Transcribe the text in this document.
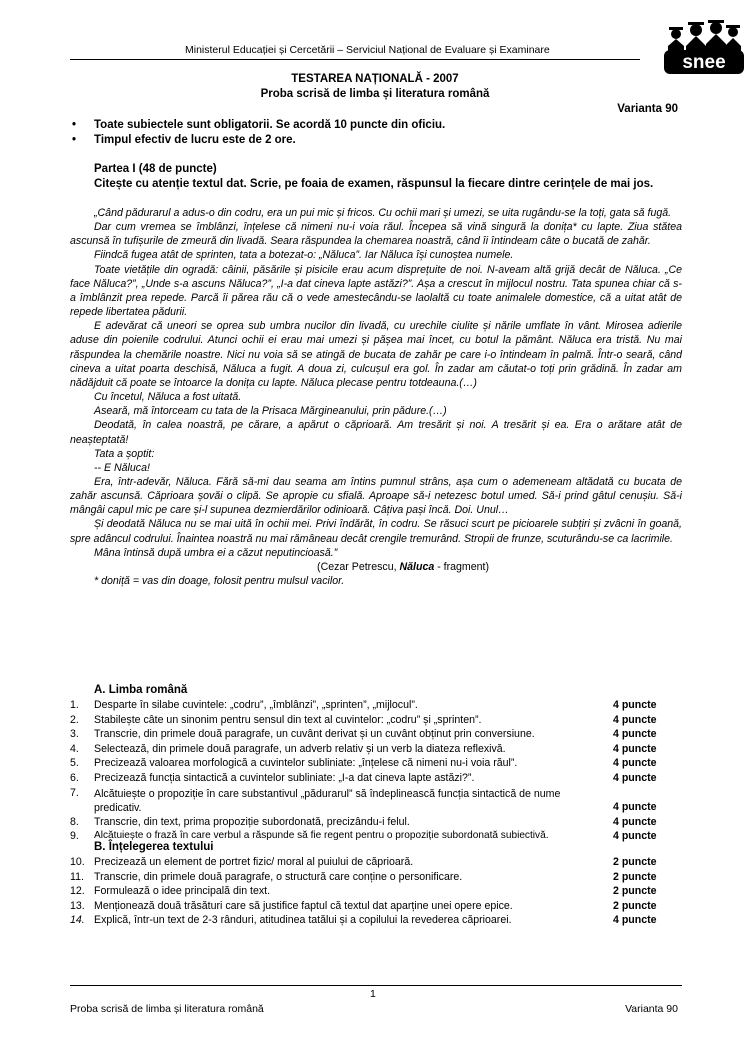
Ministerul Educației și Cercetării – Serviciul Național de Evaluare și Examinare
snee
TESTAREA NAȚIONALĂ - 2007
Proba scrisă de limba și literatura română
Varianta 90
• Toate subiectele sunt obligatorii. Se acordă 10 puncte din oficiu.
• Timpul efectiv de lucru este de 2 ore.
Partea I (48 de puncte)
Citește cu atenție textul dat. Scrie, pe foaia de examen, răspunsul la fiecare dintre cerințele de mai jos.

„Când pădurarul a adus-o din codru, era un pui mic și fricos. Cu ochii mari și umezi, se uita rugându-se la toți, gata să fugă.

Dar cum vremea se îmblânzi, înțelese că nimeni nu-i voia răul. Începea să vină singură la donița* cu lapte. Ziua stătea ascunsă în tufișurile de zmeură din livadă. Seara răspundea la chemarea noastră, când îi întindeam câte o bucată de zahăr.

Fiindcă fugea atât de sprinten, tata a botezat-o: „Năluca”. Iar Năluca își cunoștea numele.

Toate vietățile din ogradă: câinii, păsările și pisicile erau acum disprețuite de noi. N-aveam altă grijă decât de Năluca. „Ce face Năluca?”, „Unde s-a ascuns Năluca?”, „I-a dat cineva lapte astăzi?”. Așa a crescut în mijlocul nostru. Tata spunea chiar că s-a îmblânzit prea repede. Parcă îi părea rău că o vede amestecându-se laolaltă cu toate animalele domestice, că a uitat atât de repede libertatea pădurii.

E adevărat că uneori se oprea sub umbra nucilor din livadă, cu urechile ciulite și nările umflate în vânt. Mirosea adierile aduse din poienile codrului. Atunci ochii ei erau mai umezi și pășea mai încet, cu botul la pământ. Năluca era tristă. Nu mai răspundea la chemările noastre. Nici nu voia să se atingă de bucata de zahăr pe care i-o întindeam în palmă. Într-o seară, când cineva a uitat poarta deschisă, Năluca a fugit. A doua zi, culcușul era gol. În zadar am căutat-o toți prin grădină. În zadar am nădăjduit că poate se întoarce la donița cu lapte. Năluca plecase pentru totdeauna.(…)

Cu încetul, Năluca a fost uitată.

Aseară, mă întorceam cu tata de la Prisaca Mărgineanului, prin pădure.(…)

Deodată, în calea noastră, pe cărare, a apărut o căprioară. Am tresărit și noi. A tresărit și ea. Era o arătare atât de neașteptată!

Tata a șoptit:

-- E Năluca!

Era, într-adevăr, Năluca. Fără să-mi dau seama am întins pumnul strâns, așa cum o ademeneam altădată cu bucata de zahăr ascunsă. Căprioara șovăi o clipă. Se apropie cu sfială. Aproape să-i netezesc botul umed. Să-i prind gâtul cenușiu. Să-i mângâi capul mic pe care și-l supunea dezmierdărilor odinioară. Câțiva pași încă. Doi. Unul…

Și deodată Năluca nu se mai uită în ochii mei. Privi îndărăt, în codru. Se răsuci scurt pe picioarele subțiri și zvâcni în goană, spre adâncul codrului. Înaintea noastră nu mai rămâneau decât crengile tremurând. Stropii de frunze, scuturându-se ca lacrimile.

Mâna întinsă după umbra ei a căzut neputincioasă.”

(Cezar Petrescu, Năluca - fragment)

* doniță = vas din doage, folosit pentru mulsul vacilor.

A. Limba română
1.	Desparte în silabe cuvintele: „codru”, „îmblânzi”, „sprinten”, „mijlocul”.	4 puncte
2.	Stabilește câte un sinonim pentru sensul din text al cuvintelor: „codru” și „sprinten”.	4 puncte
3.	Transcrie, din primele două paragrafe, un cuvânt derivat și un cuvânt obținut prin conversiune.	4 puncte
4.	Selectează, din primele două paragrafe, un adverb relativ și un verb la diateza reflexivă.	4 puncte
5.	Precizează valoarea morfologică a cuvintelor subliniate: „înțelese că nimeni nu-i voia răul”.	4 puncte
6.	Precizează funcția sintactică a cuvintelor subliniate: „I-a dat cineva lapte astăzi?”.	4 puncte
7.	Alcătuiește o propoziție în care substantivul „pădurarul” să îndeplinească funcția sintactică de nume predicativ.	4 puncte
8.	Transcrie, din text, prima propoziție subordonată, precizându-i felul.	4 puncte
9.	Alcătuiește o frază în care verbul a răspunde să fie regent pentru o propoziție subordonată subiectivă.	4 puncte
B. Înțelegerea textului
10. Precizează un element de portret fizic/ moral al puiului de căprioară.	2 puncte
11. Transcrie, din primele două paragrafe, o structură care conține o personificare.	2 puncte
12. Formulează o idee principală din text.	2 puncte
13. Menționează două trăsături care să justifice faptul că textul dat aparține unei opere epice.	2 puncte
14. Explică, într-un text de 2-3 rânduri, atitudinea tatălui și a copilului la revederea căprioarei.	4 puncte
1
Proba scrisă de limba și literatura română	Varianta 90
